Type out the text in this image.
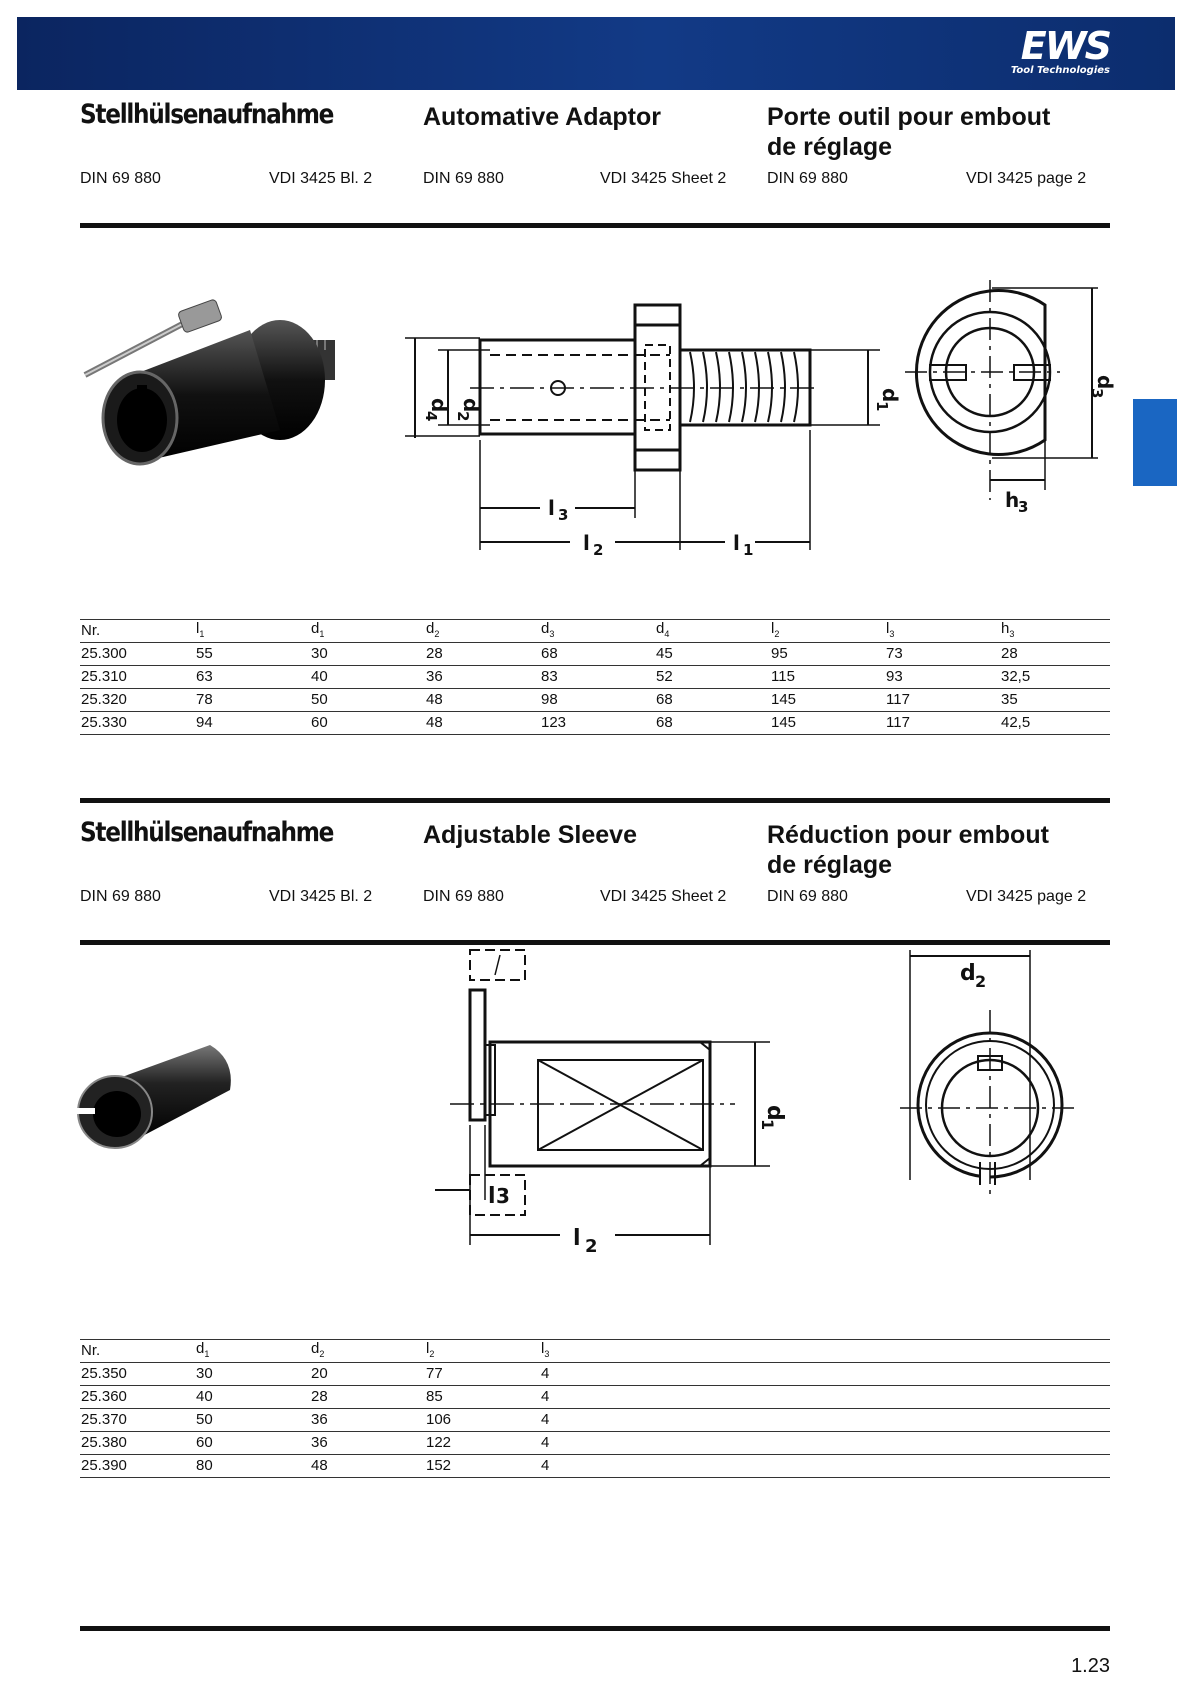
EWS
Tool Technologies
Stellhülsenaufnahme	Automative Adaptor	Porte outil pour embout
de réglage
DIN 69 880	VDI 3425 Bl. 2	DIN 69 880	VDI 3425 Sheet 2	DIN 69 880	VDI 3425 page 2
d
4
d
2
d
1
d
3
l 3
l 2	l 1
h
3
Nr.	$l_1$	$d_1$	$d_2$	$d_3$	$d_4$	$l_2$	$l_3$	$h_3$
25.300	55	30	28	68	45	95	73	28
25.310	63	40	36	83	52	115	93	32,5
25.320	78	50	48	98	68	145	117	35
25.330	94	60	48	123	68	145	117	42,5
Stellhülsenaufnahme	Adjustable Sleeve	Réduction pour embout
de réglage
DIN 69 880	VDI 3425 Bl. 2	DIN 69 880	VDI 3425 Sheet 2	DIN 69 880	VDI 3425 page 2
d
1
d 2
l 3
l 2
Nr.	$d_1$	$d_2$	$l_2$	$l_3$
25.350	30	20	77	4
25.360	40	28	85	4
25.370	50	36	106	4
25.380	60	36	122	4
25.390	80	48	152	4
1.23
